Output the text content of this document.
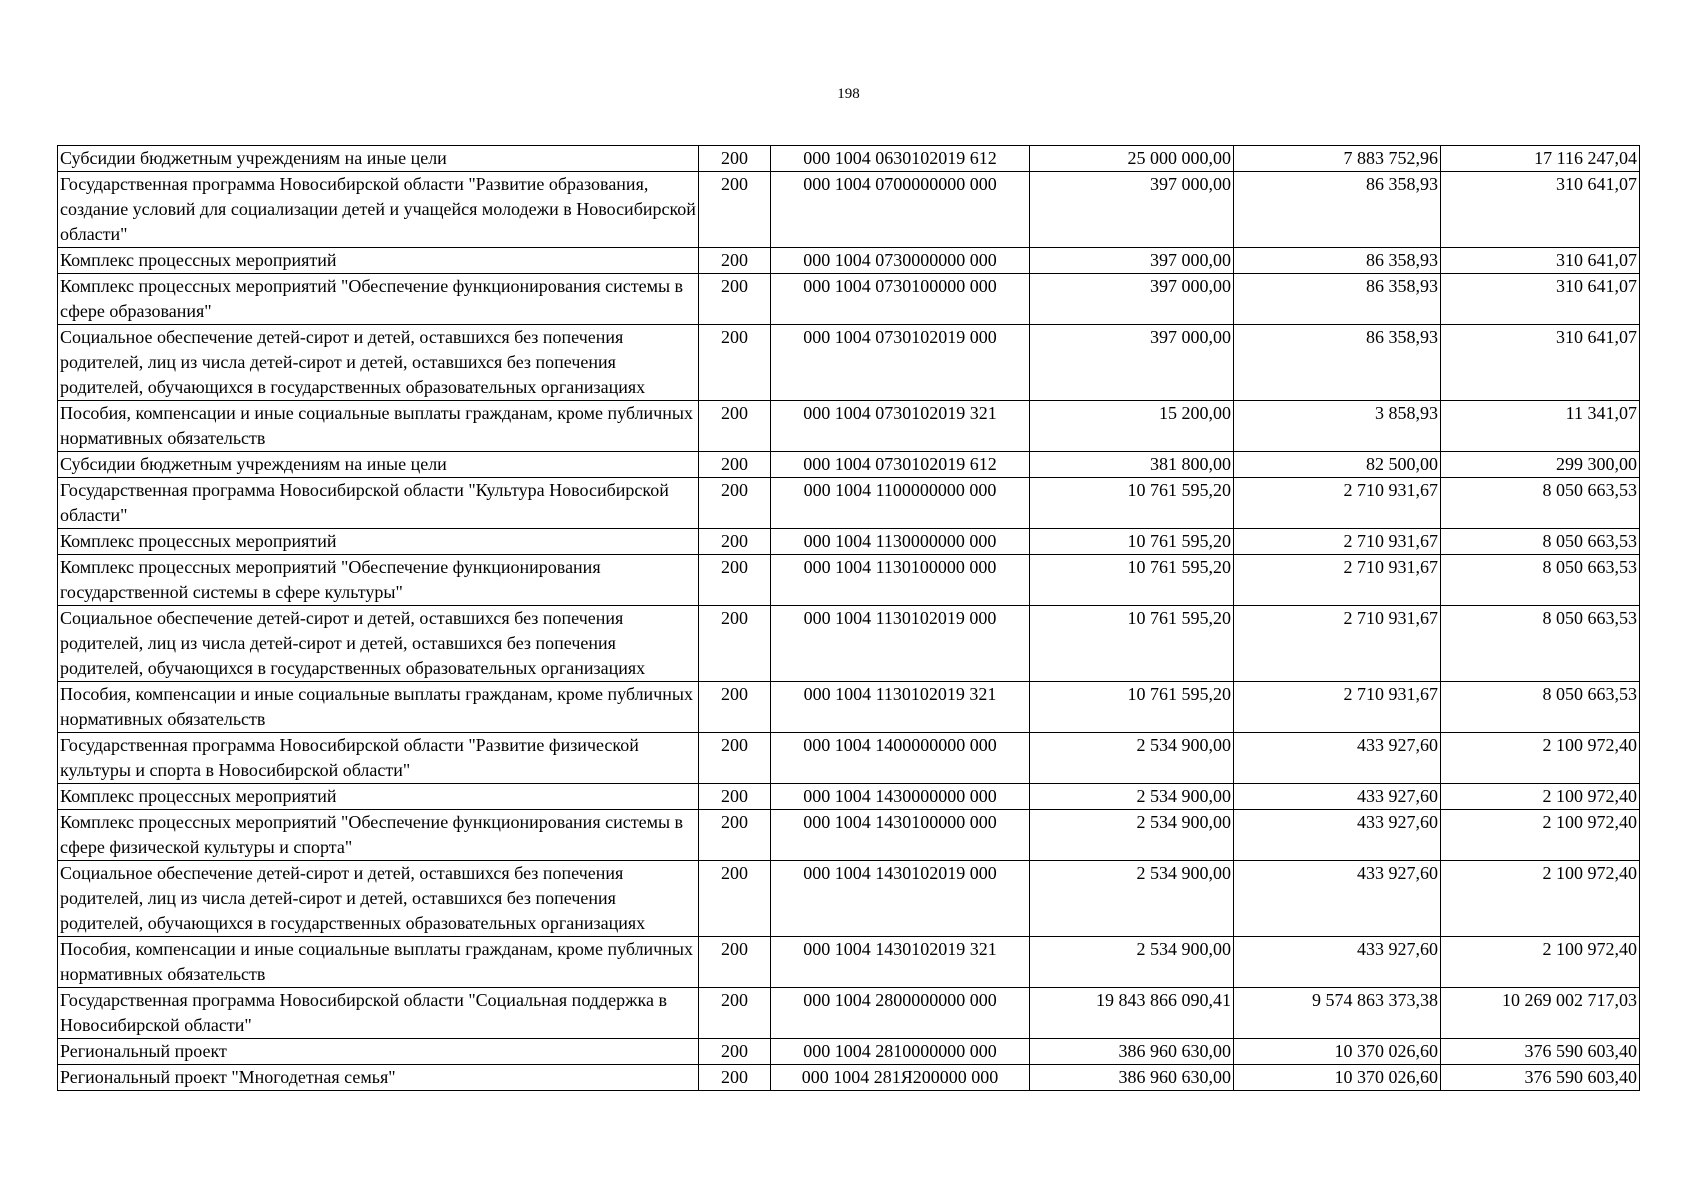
198
Субсидии бюджетным учреждениям на иные цели	200	000 1004 0630102019 612	25 000 000,00	7 883 752,96	17 116 247,04
Государственная программа Новосибирской области "Развитие образования, создание условий для социализации детей и учащейся молодежи в Новосибирской области"	200	000 1004 0700000000 000	397 000,00	86 358,93	310 641,07
Комплекс процессных мероприятий	200	000 1004 0730000000 000	397 000,00	86 358,93	310 641,07
Комплекс процессных мероприятий "Обеспечение функционирования системы в сфере образования"	200	000 1004 0730100000 000	397 000,00	86 358,93	310 641,07
Социальное обеспечение детей-сирот и детей, оставшихся без попечения родителей, лиц из числа детей-сирот и детей, оставшихся без попечения родителей, обучающихся в государственных образовательных организациях	200	000 1004 0730102019 000	397 000,00	86 358,93	310 641,07
Пособия, компенсации и иные социальные выплаты гражданам, кроме публичных нормативных обязательств	200	000 1004 0730102019 321	15 200,00	3 858,93	11 341,07
Субсидии бюджетным учреждениям на иные цели	200	000 1004 0730102019 612	381 800,00	82 500,00	299 300,00
Государственная программа Новосибирской области "Культура Новосибирской области"	200	000 1004 1100000000 000	10 761 595,20	2 710 931,67	8 050 663,53
Комплекс процессных мероприятий	200	000 1004 1130000000 000	10 761 595,20	2 710 931,67	8 050 663,53
Комплекс процессных мероприятий "Обеспечение функционирования государственной системы в сфере культуры"	200	000 1004 1130100000 000	10 761 595,20	2 710 931,67	8 050 663,53
Социальное обеспечение детей-сирот и детей, оставшихся без попечения родителей, лиц из числа детей-сирот и детей, оставшихся без попечения родителей, обучающихся в государственных образовательных организациях	200	000 1004 1130102019 000	10 761 595,20	2 710 931,67	8 050 663,53
Пособия, компенсации и иные социальные выплаты гражданам, кроме публичных нормативных обязательств	200	000 1004 1130102019 321	10 761 595,20	2 710 931,67	8 050 663,53
Государственная программа Новосибирской области "Развитие физической культуры и спорта в Новосибирской области"	200	000 1004 1400000000 000	2 534 900,00	433 927,60	2 100 972,40
Комплекс процессных мероприятий	200	000 1004 1430000000 000	2 534 900,00	433 927,60	2 100 972,40
Комплекс процессных мероприятий "Обеспечение функционирования системы в сфере физической культуры и спорта"	200	000 1004 1430100000 000	2 534 900,00	433 927,60	2 100 972,40
Социальное обеспечение детей-сирот и детей, оставшихся без попечения родителей, лиц из числа детей-сирот и детей, оставшихся без попечения родителей, обучающихся в государственных образовательных организациях	200	000 1004 1430102019 000	2 534 900,00	433 927,60	2 100 972,40
Пособия, компенсации и иные социальные выплаты гражданам, кроме публичных нормативных обязательств	200	000 1004 1430102019 321	2 534 900,00	433 927,60	2 100 972,40
Государственная программа Новосибирской области "Социальная поддержка в Новосибирской области"	200	000 1004 2800000000 000	19 843 866 090,41	9 574 863 373,38	10 269 002 717,03
Региональный проект	200	000 1004 2810000000 000	386 960 630,00	10 370 026,60	376 590 603,40
Региональный проект "Многодетная семья"	200	000 1004 281Я200000 000	386 960 630,00	10 370 026,60	376 590 603,40
